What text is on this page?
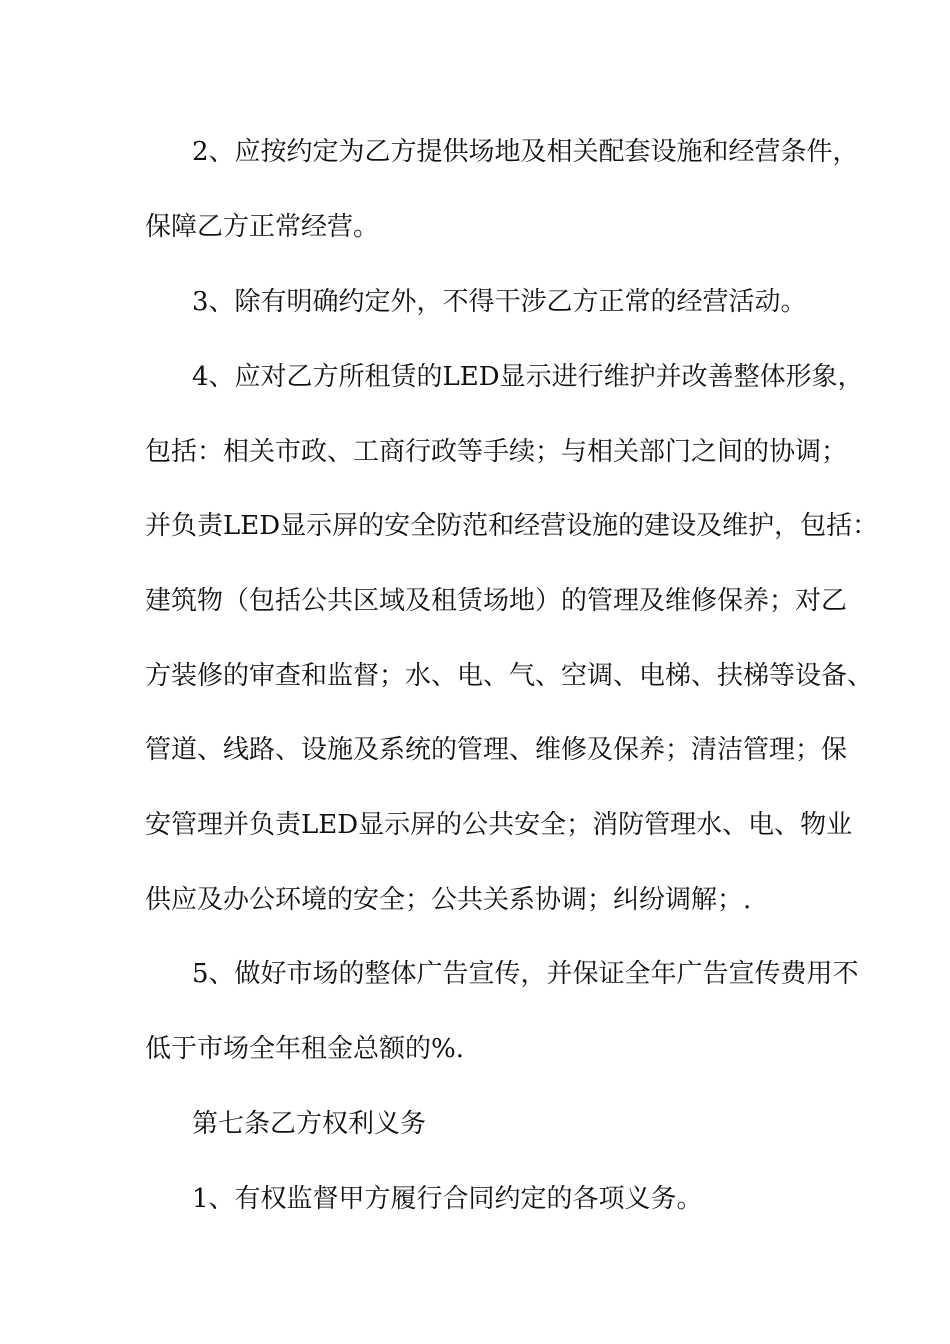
2、应按约定为乙方提供场地及相关配套设施和经营条件，
保障乙方正常经营。
3、除有明确约定外，不得干涉乙方正常的经营活动。
4、应对乙方所租赁的LED显示进行维护并改善整体形象，
包括：相关市政、工商行政等手续；与相关部门之间的协调；
并负责LED显示屏的安全防范和经营设施的建设及维护，包括：
建筑物（包括公共区域及租赁场地）的管理及维修保养；对乙
方装修的审查和监督；水、电、气、空调、电梯、扶梯等设备、
管道、线路、设施及系统的管理、维修及保养；清洁管理；保
安管理并负责LED显示屏的公共安全；消防管理水、电、物业
供应及办公环境的安全；公共关系协调；纠纷调解；.
5、做好市场的整体广告宣传，并保证全年广告宣传费用不
低于市场全年租金总额的%.
第七条乙方权利义务
1、有权监督甲方履行合同约定的各项义务。
